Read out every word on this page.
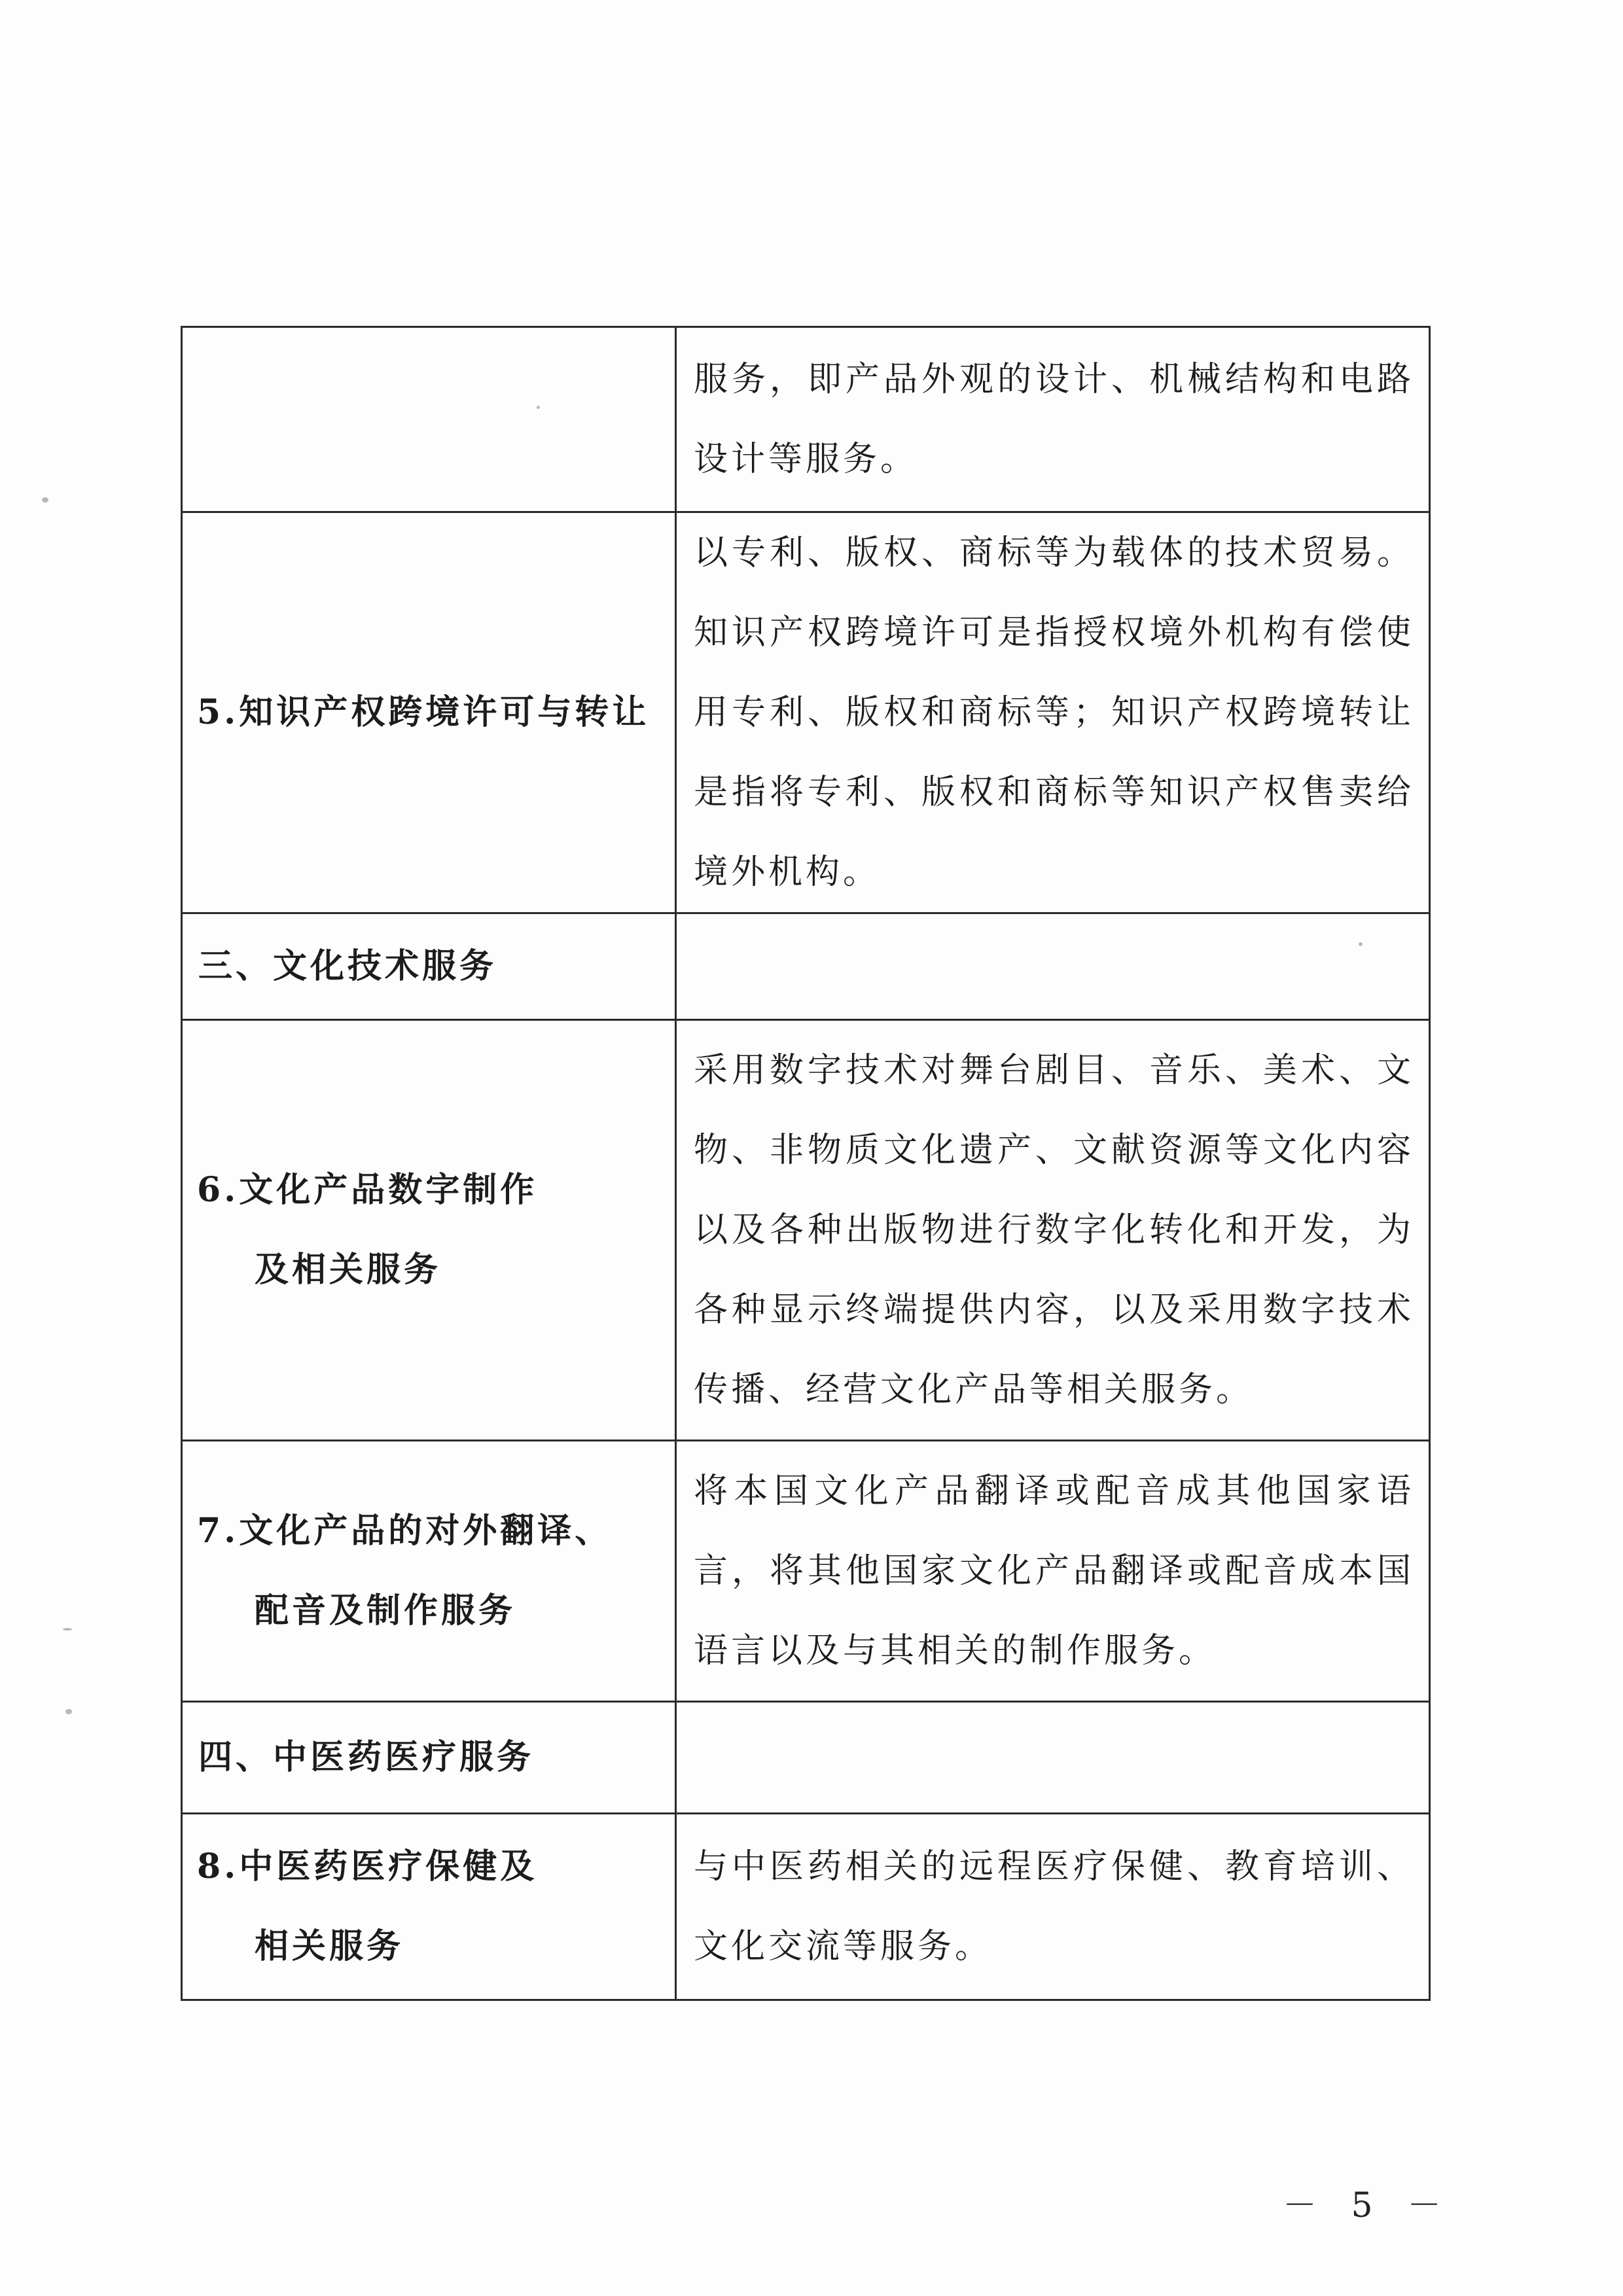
	服务，即产品外观的设计、机械结构和电路设计等服务。

5.知识产权跨境许可与转让	以专利、版权、商标等为载体的技术贸易。知识产权跨境许可是指授权境外机构有偿使用专利、版权和商标等；知识产权跨境转让是指将专利、版权和商标等知识产权售卖给境外机构。
三、文化技术服务	

6.文化产品数字制作
及相关服务	采用数字技术对舞台剧目、音乐、美术、文物、非物质文化遗产、文献资源等文化内容以及各种出版物进行数字化转化和开发，为各种显示终端提供内容，以及采用数字技术传播、经营文化产品等相关服务。

7.文化产品的对外翻译、
配音及制作服务	将本国文化产品翻译或配音成其他国家语言，将其他国家文化产品翻译或配音成本国语言以及与其相关的制作服务。
四、中医药医疗服务	

8.中医药医疗保健及
相关服务	与中医药相关的远程医疗保健、教育培训、文化交流等服务。
－ 5 －
